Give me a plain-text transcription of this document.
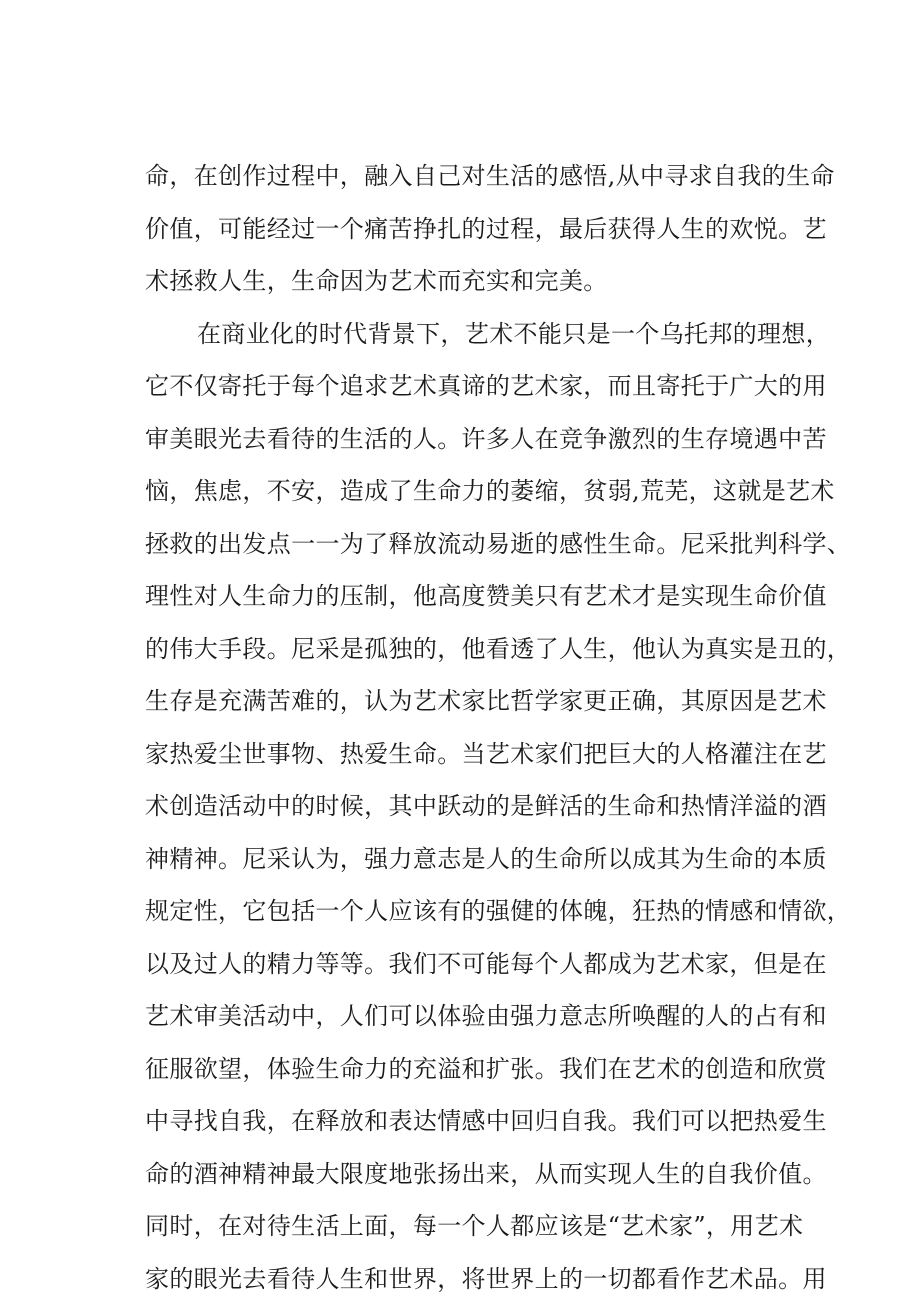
命，在创作过程中，融入自己对生活的感悟,从中寻求自我的生命
价值，可能经过一个痛苦挣扎的过程，最后获得人生的欢悦。艺
术拯救人生，生命因为艺术而充实和完美。
在商业化的时代背景下，艺术不能只是一个乌托邦的理想，
它不仅寄托于每个追求艺术真谛的艺术家，而且寄托于广大的用
审美眼光去看待的生活的人。许多人在竞争激烈的生存境遇中苦
恼，焦虑，不安，造成了生命力的萎缩，贫弱,荒芜，这就是艺术
拯救的出发点一一为了释放流动易逝的感性生命。尼采批判科学、
理性对人生命力的压制，他高度赞美只有艺术才是实现生命价值
的伟大手段。尼采是孤独的，他看透了人生，他认为真实是丑的，
生存是充满苦难的，认为艺术家比哲学家更正确，其原因是艺术
家热爱尘世事物、热爱生命。当艺术家们把巨大的人格灌注在艺
术创造活动中的时候，其中跃动的是鲜活的生命和热情洋溢的酒
神精神。尼采认为，强力意志是人的生命所以成其为生命的本质
规定性，它包括一个人应该有的强健的体魄，狂热的情感和情欲，
以及过人的精力等等。我们不可能每个人都成为艺术家，但是在
艺术审美活动中，人们可以体验由强力意志所唤醒的人的占有和
征服欲望，体验生命力的充溢和扩张。我们在艺术的创造和欣赏
中寻找自我，在释放和表达情感中回归自我。我们可以把热爱生
命的酒神精神最大限度地张扬出来，从而实现人生的自我价值。
同时，在对待生活上面，每一个人都应该是“艺术家”，用艺术
家的眼光去看待人生和世界，将世界上的一切都看作艺术品。用
